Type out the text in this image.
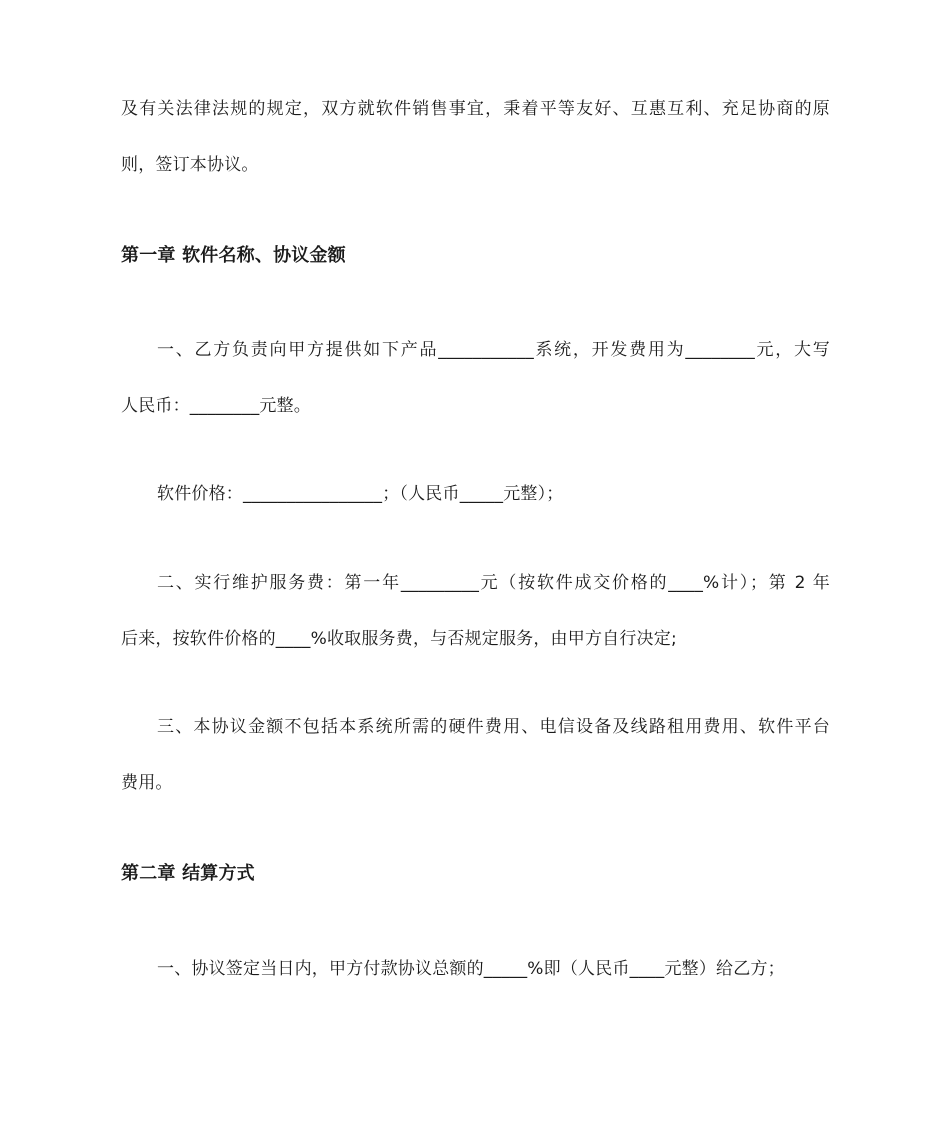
及有关法律法规的规定，双方就软件销售事宜，秉着平等友好、互惠互利、充足协商的原
则，签订本协议。
第一章 软件名称、协议金额
一、乙方负责向甲方提供如下产品___________系统，开发费用为________元，大写
人民币：________元整。
软件价格：________________；（人民币_____元整）；
二、实行维护服务费：第一年_________元（按软件成交价格的____%计）；第 2 年
后来，按软件价格的____%收取服务费，与否规定服务，由甲方自行决定;
三、本协议金额不包括本系统所需的硬件费用、电信设备及线路租用费用、软件平台
费用。
第二章 结算方式
一、协议签定当日内，甲方付款协议总额的_____%即（人民币____元整）给乙方；
